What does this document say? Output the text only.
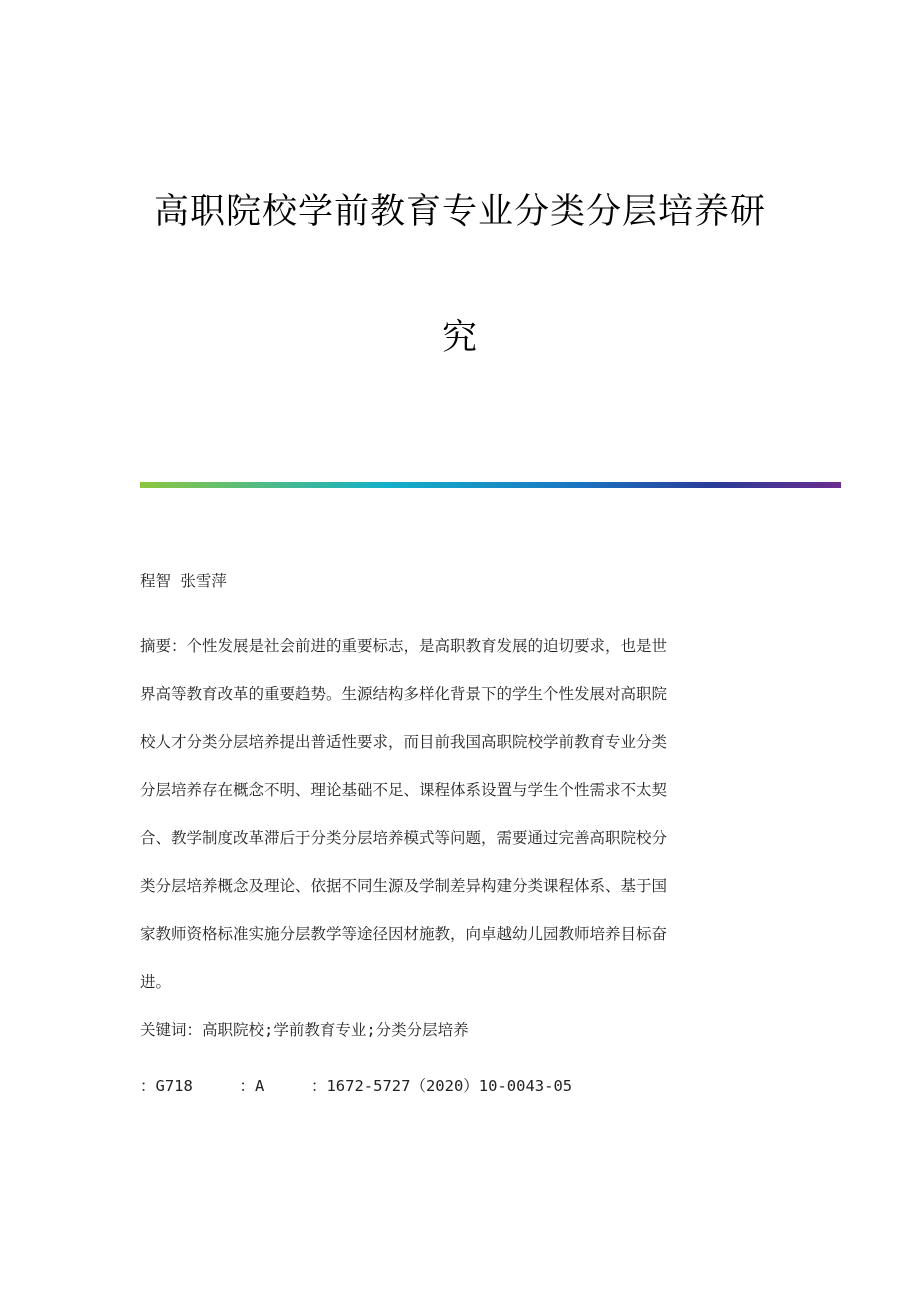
高职院校学前教育专业分类分层培养研
究
程智 张雪萍
摘要：个性发展是社会前进的重要标志，是高职教育发展的迫切要求，也是世
界高等教育改革的重要趋势。生源结构多样化背景下的学生个性发展对高职院
校人才分类分层培养提出普适性要求，而目前我国高职院校学前教育专业分类
分层培养存在概念不明、理论基础不足、课程体系设置与学生个性需求不太契
合、教学制度改革滞后于分类分层培养模式等问题，需要通过完善高职院校分
类分层培养概念及理论、依据不同生源及学制差异构建分类课程体系、基于国
家教师资格标准实施分层教学等途径因材施教，向卓越幼儿园教师培养目标奋
进。
关键词：高职院校;学前教育专业;分类分层培养
：G718     ：A     ：1672-5727（2020）10-0043-05
